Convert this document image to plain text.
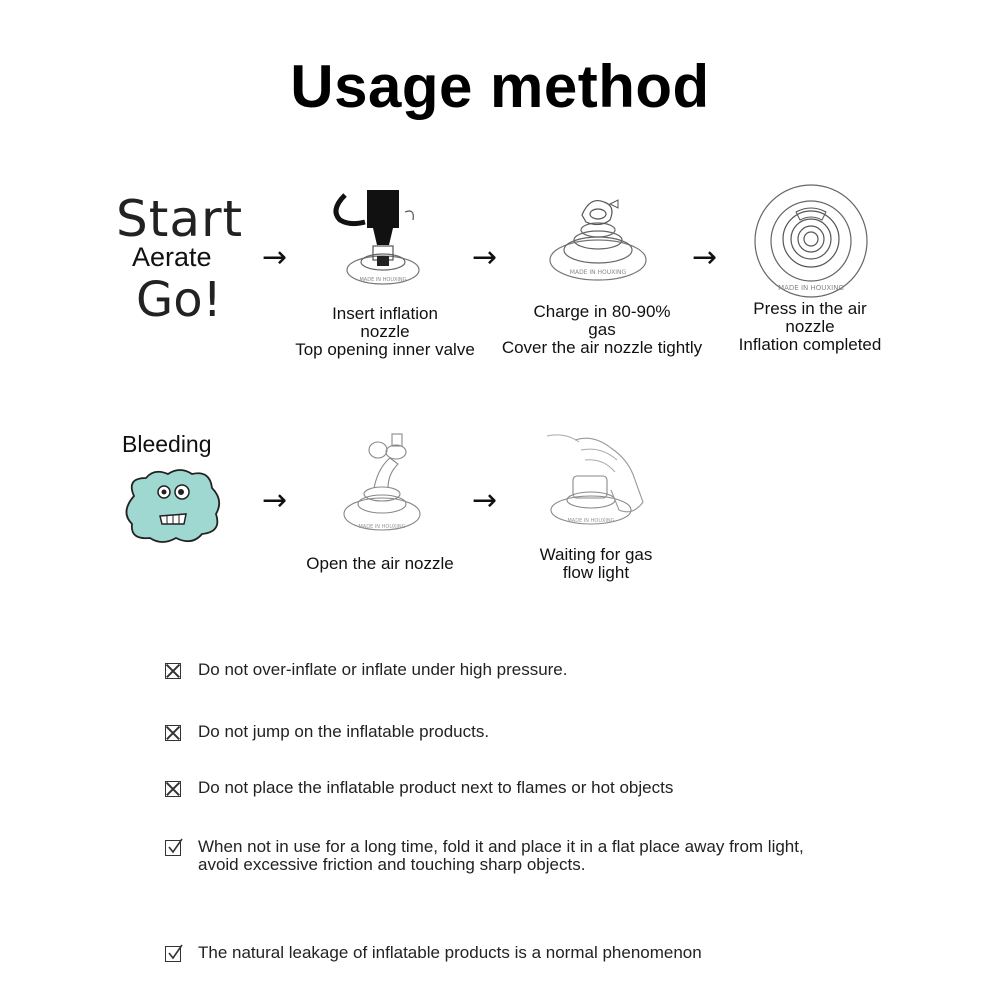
Usage method
Start
Aerate
Go!
→	→	→
MADE IN HOUXING
MADE IN HOUXING
MADE IN HOUXING
Insert inflation
nozzle
Top opening inner valve
Charge in 80-90%
gas
Cover the air nozzle tightly
Press in the air
nozzle
Inflation completed
Bleeding
→	→
MADE IN HOUXING
MADE IN HOUXING
Open the air nozzle	Waiting for gas
flow light
Do not over-inflate or inflate under high pressure.
Do not jump on the inflatable products.
Do not place the inflatable product next to flames or hot objects
When not in use for a long time, fold it and place it in a flat place away from light,
avoid excessive friction and touching sharp objects.
The natural leakage of inflatable products is a normal phenomenon
